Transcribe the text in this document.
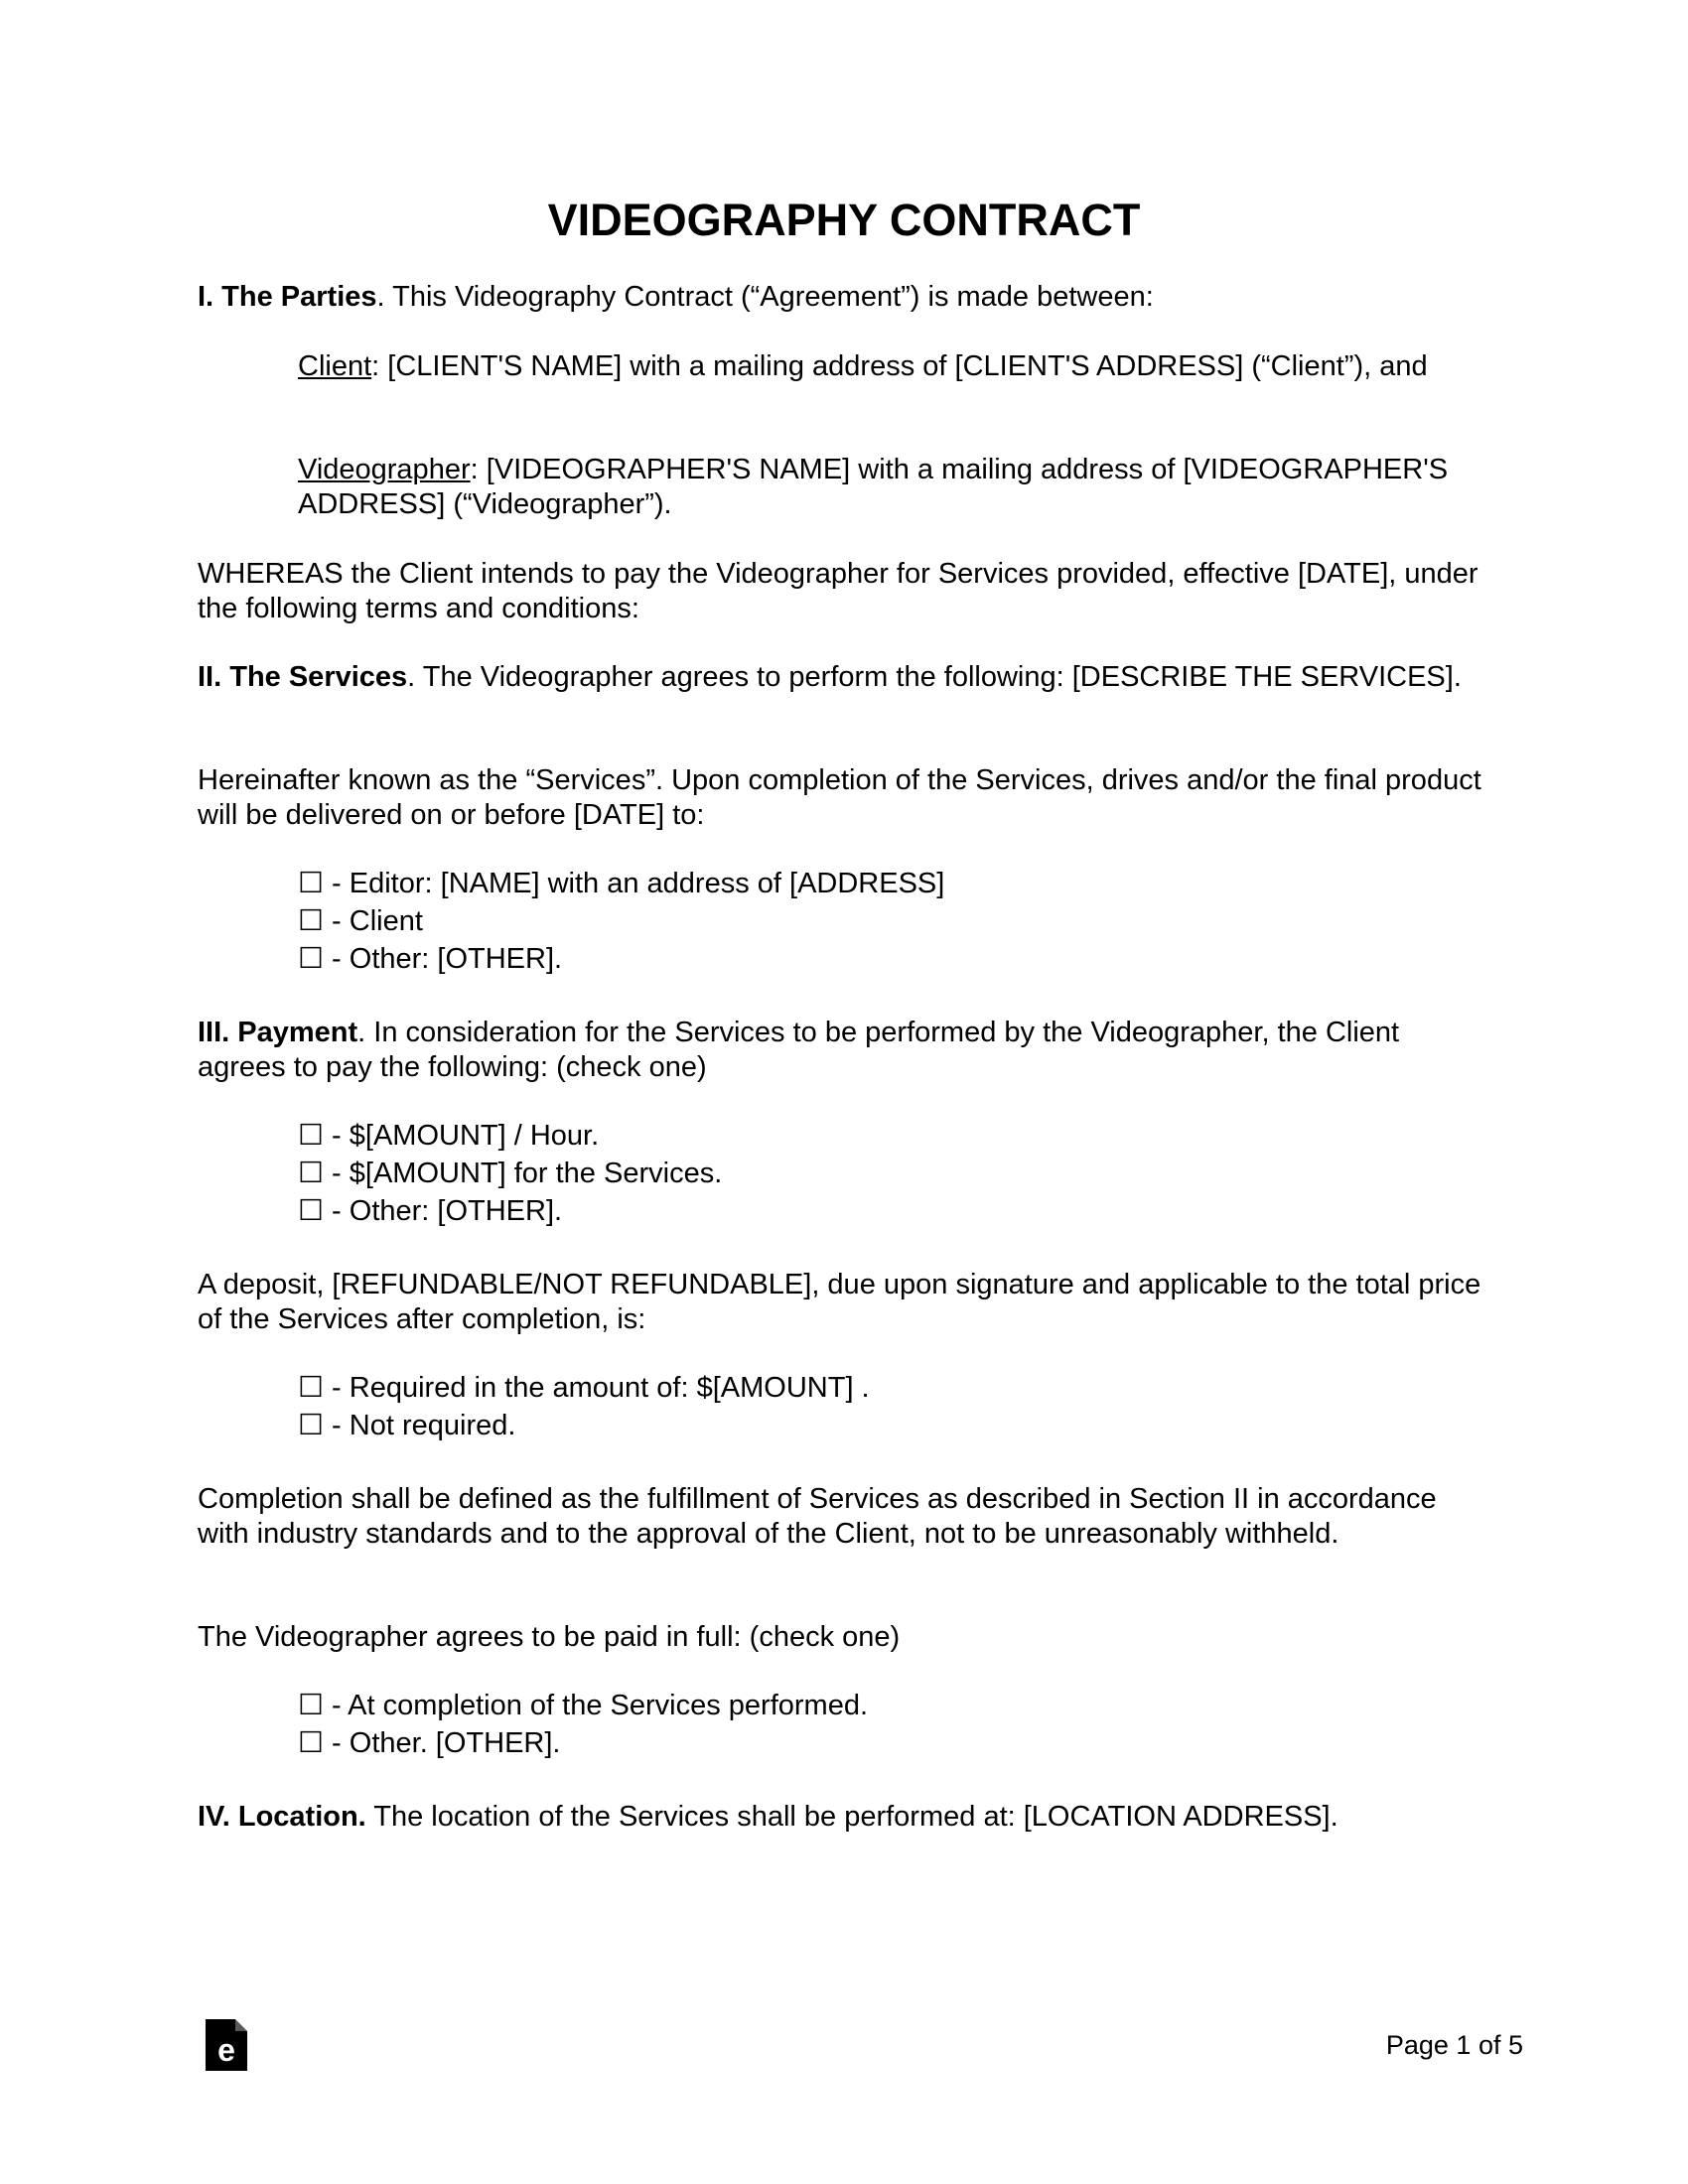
VIDEOGRAPHY CONTRACT

I. The Parties. This Videography Contract (“Agreement”) is made between:

Client: [CLIENT'S NAME] with a mailing address of [CLIENT'S ADDRESS] (“Client”), and

Videographer: [VIDEOGRAPHER'S NAME] with a mailing address of [VIDEOGRAPHER'S ADDRESS] (“Videographer”).

WHEREAS the Client intends to pay the Videographer for Services provided, effective [DATE], under the following terms and conditions:

II. The Services. The Videographer agrees to perform the following: [DESCRIBE THE SERVICES].

Hereinafter known as the “Services”. Upon completion of the Services, drives and/or the final product will be delivered on or before [DATE] to:

☐ - Editor: [NAME] with an address of [ADDRESS]

☐ - Client

☐ - Other: [OTHER].

III. Payment. In consideration for the Services to be performed by the Videographer, the Client agrees to pay the following: (check one)

☐ - $[AMOUNT] / Hour.

☐ - $[AMOUNT] for the Services.

☐ - Other: [OTHER].

A deposit, [REFUNDABLE/NOT REFUNDABLE], due upon signature and applicable to the total price of the Services after completion, is:

☐ - Required in the amount of: $[AMOUNT] .

☐ - Not required.

Completion shall be defined as the fulfillment of Services as described in Section II in accordance with industry standards and to the approval of the Client, not to be unreasonably withheld.

The Videographer agrees to be paid in full: (check one)

☐ - At completion of the Services performed.

☐ - Other. [OTHER].

IV. Location. The location of the Services shall be performed at: [LOCATION ADDRESS].

e	Page 1 of 5
